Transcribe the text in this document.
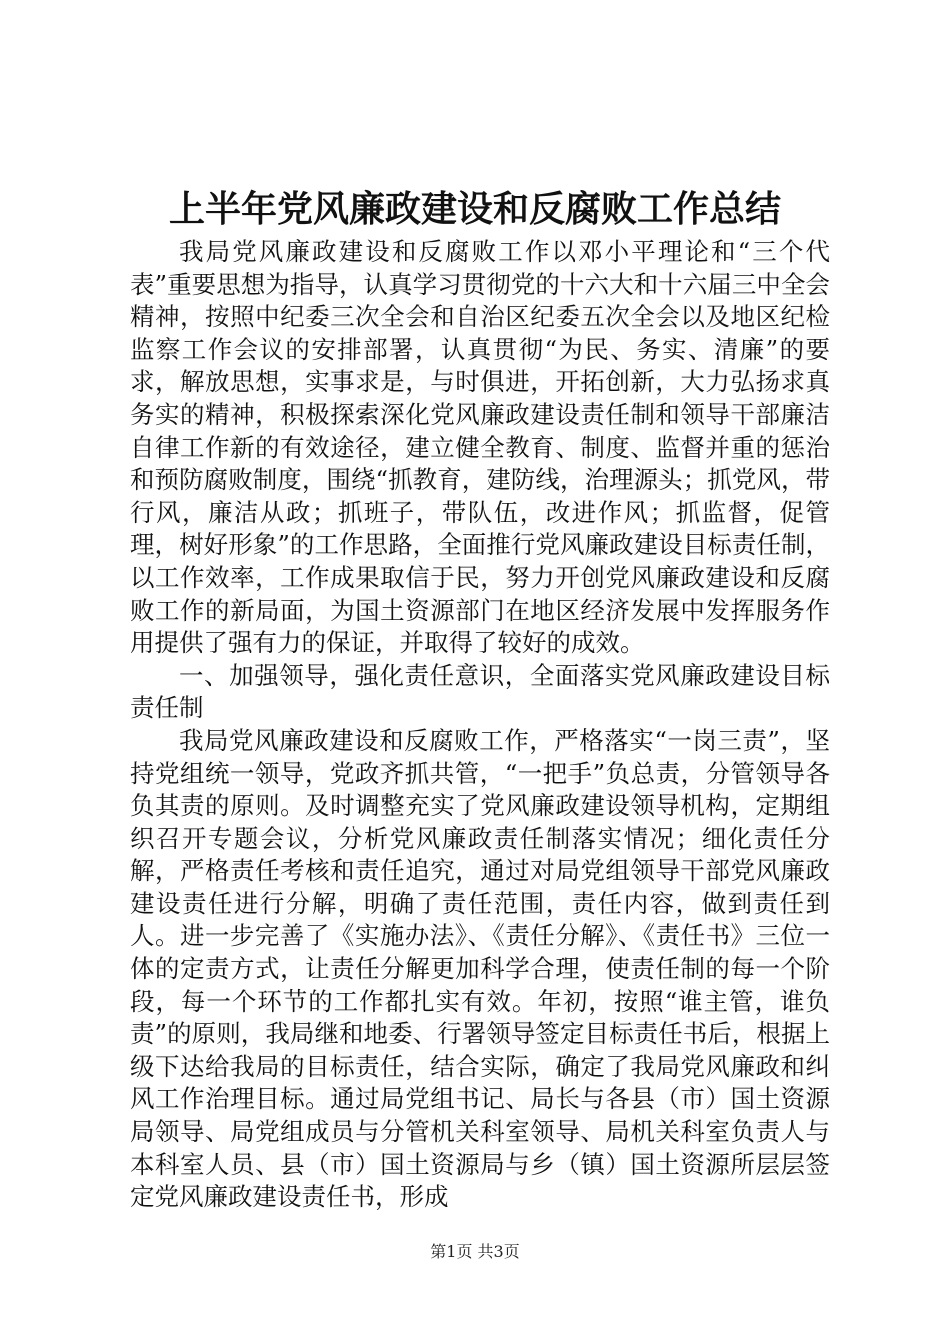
上半年党风廉政建设和反腐败工作总结

我局党风廉政建设和反腐败工作以邓小平理论和“三个代表”重要思想为指导，认真学习贯彻党的十六大和十六届三中全会精神，按照中纪委三次全会和自治区纪委五次全会以及地区纪检监察工作会议的安排部署，认真贯彻“为民、务实、清廉”的要求，解放思想，实事求是，与时俱进，开拓创新，大力弘扬求真务实的精神，积极探索深化党风廉政建设责任制和领导干部廉洁自律工作新的有效途径，建立健全教育、制度、监督并重的惩治和预防腐败制度，围绕“抓教育，建防线，治理源头；抓党风，带行风，廉洁从政；抓班子，带队伍，改进作风；抓监督，促管理，树好形象”的工作思路，全面推行党风廉政建设目标责任制，以工作效率，工作成果取信于民，努力开创党风廉政建设和反腐败工作的新局面，为国土资源部门在地区经济发展中发挥服务作用提供了强有力的保证，并取得了较好的成效。

一、加强领导，强化责任意识，全面落实党风廉政建设目标责任制

我局党风廉政建设和反腐败工作，严格落实“一岗三责”，坚持党组统一领导，党政齐抓共管，“一把手”负总责，分管领导各负其责的原则。及时调整充实了党风廉政建设领导机构，定期组织召开专题会议，分析党风廉政责任制落实情况；细化责任分解，严格责任考核和责任追究，通过对局党组领导干部党风廉政建设责任进行分解，明确了责任范围，责任内容，做到责任到人。进一步完善了《实施办法》、《责任分解》、《责任书》三位一体的定责方式，让责任分解更加科学合理，使责任制的每一个阶段，每一个环节的工作都扎实有效。年初，按照“谁主管，谁负责”的原则，我局继和地委、行署领导签定目标责任书后，根据上级下达给我局的目标责任，结合实际，确定了我局党风廉政和纠风工作治理目标。通过局党组书记、局长与各县（市）国土资源局领导、局党组成员与分管机关科室领导、局机关科室负责人与本科室人员、县（市）国土资源局与乡（镇）国土资源所层层签定党风廉政建设责任书，形成

第1页 共3页
